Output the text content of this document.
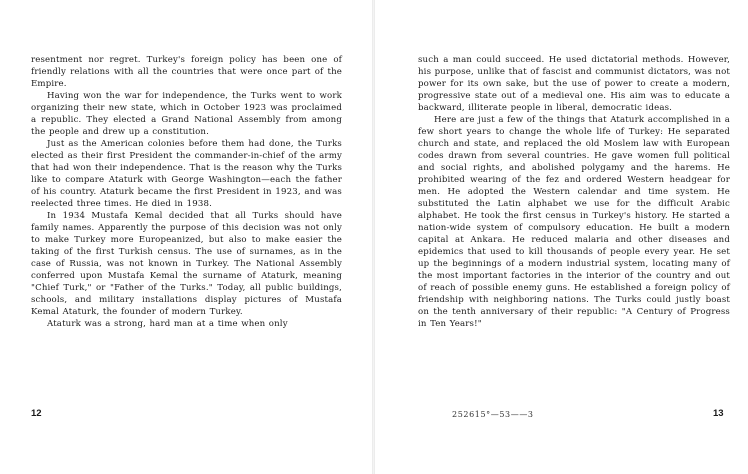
resentment nor regret. Turkey's foreign policy has been one of friendly relations with all the countries that were once part of the Empire.

Having won the war for independence, the Turks went to work organizing their new state, which in October 1923 was proclaimed a republic. They elected a Grand National Assembly from among the people and drew up a constitution.

Just as the American colonies before them had done, the Turks elected as their first President the commander-in-chief of the army that had won their independence. That is the reason why the Turks like to compare Ataturk with George Washington—each the father of his country. Ataturk became the first President in 1923, and was reelected three times. He died in 1938.

In 1934 Mustafa Kemal decided that all Turks should have family names. Apparently the purpose of this decision was not only to make Turkey more Europeanized, but also to make easier the taking of the first Turkish census. The use of surnames, as in the case of Russia, was not known in Turkey. The National Assembly conferred upon Mustafa Kemal the surname of Ataturk, meaning "Chief Turk," or "Father of the Turks." Today, all public buildings, schools, and military installations display pictures of Mustafa Kemal Ataturk, the founder of modern Turkey.

Ataturk was a strong, hard man at a time when only

such a man could succeed. He used dictatorial methods. However, his purpose, unlike that of fascist and communist dictators, was not power for its own sake, but the use of power to create a modern, progressive state out of a medieval one. His aim was to educate a backward, illiterate people in liberal, democratic ideas.

Here are just a few of the things that Ataturk accomplished in a few short years to change the whole life of Turkey: He separated church and state, and replaced the old Moslem law with European codes drawn from several countries. He gave women full political and social rights, and abolished polygamy and the harems. He prohibited wearing of the fez and ordered Western headgear for men. He adopted the Western calendar and time system. He substituted the Latin alphabet we use for the difficult Arabic alphabet. He took the first census in Turkey's history. He started a nation-wide system of compulsory education. He built a modern capital at Ankara. He reduced malaria and other diseases and epidemics that used to kill thousands of people every year. He set up the beginnings of a modern industrial system, locating many of the most important factories in the interior of the country and out of reach of possible enemy guns. He established a foreign policy of friendship with neighboring nations. The Turks could justly boast on the tenth anniversary of their republic: "A Century of Progress in Ten Years!"

12	252615°—53——3	13
